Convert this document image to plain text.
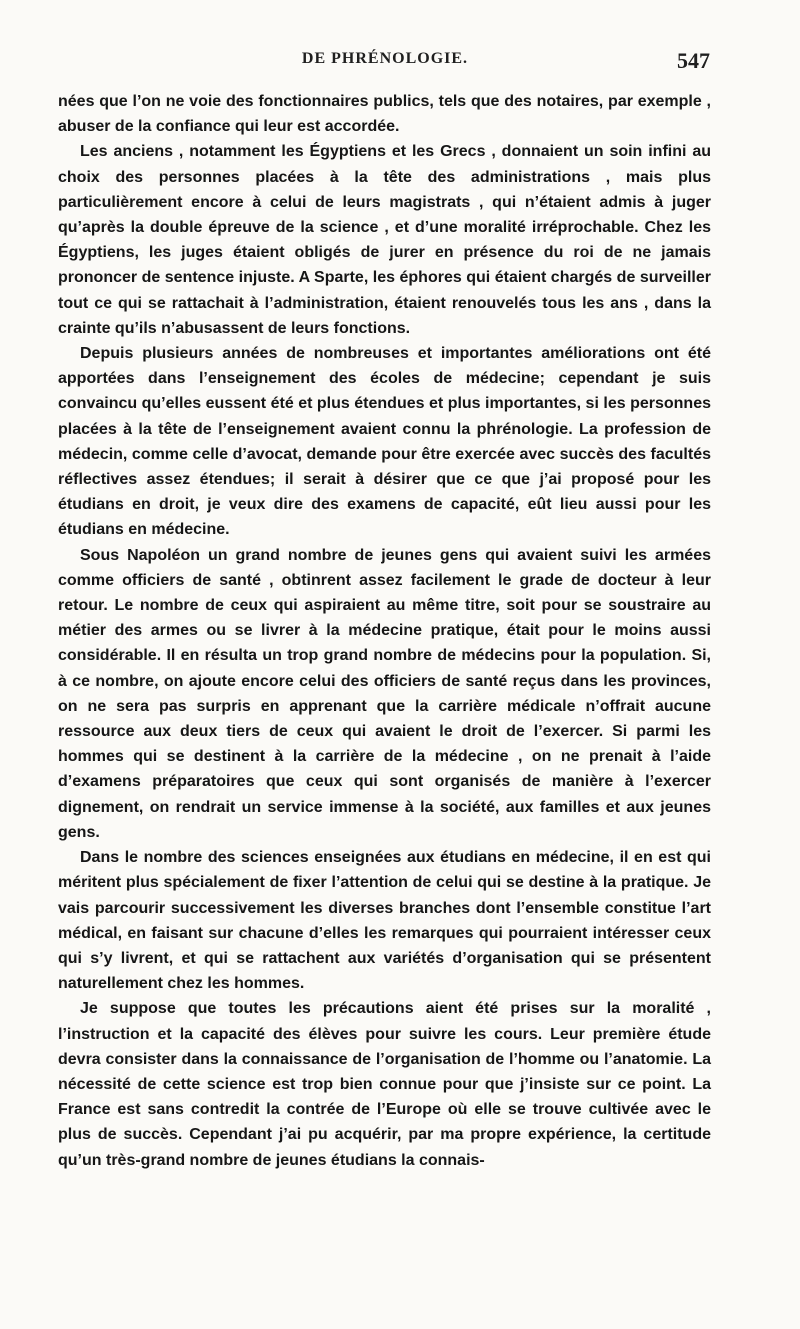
DE PHRÉNOLOGIE.	547

nées que l’on ne voie des fonctionnaires publics, tels que des notaires, par exemple , abuser de la confiance qui leur est accordée.

Les anciens , notamment les Égyptiens et les Grecs , donnaient un soin infini au choix des personnes placées à la tête des administrations , mais plus particulièrement encore à celui de leurs magistrats , qui n’étaient admis à juger qu’après la double épreuve de la science , et d’une moralité irréprochable. Chez les Égyptiens, les juges étaient obligés de jurer en présence du roi de ne jamais prononcer de sentence injuste. A Sparte, les éphores qui étaient chargés de surveiller tout ce qui se rattachait à l’administration, étaient renouvelés tous les ans , dans la crainte qu’ils n’abusassent de leurs fonctions.

Depuis plusieurs années de nombreuses et importantes améliorations ont été apportées dans l’enseignement des écoles de médecine; cependant je suis convaincu qu’elles eussent été et plus étendues et plus importantes, si les personnes placées à la tête de l’enseignement avaient connu la phrénologie. La profession de médecin, comme celle d’avocat, demande pour être exercée avec succès des facultés réflectives assez étendues; il serait à désirer que ce que j’ai proposé pour les étudians en droit, je veux dire des examens de capacité, eût lieu aussi pour les étudians en médecine.

Sous Napoléon un grand nombre de jeunes gens qui avaient suivi les armées comme officiers de santé , obtinrent assez facilement le grade de docteur à leur retour. Le nombre de ceux qui aspiraient au même titre, soit pour se soustraire au métier des armes ou se livrer à la médecine pratique, était pour le moins aussi considérable. Il en résulta un trop grand nombre de médecins pour la population. Si, à ce nombre, on ajoute encore celui des officiers de santé reçus dans les provinces, on ne sera pas surpris en apprenant que la carrière médicale n’offrait aucune ressource aux deux tiers de ceux qui avaient le droit de l’exercer. Si parmi les hommes qui se destinent à la carrière de la médecine , on ne prenait à l’aide d’examens préparatoires que ceux qui sont organisés de manière à l’exercer dignement, on rendrait un service immense à la société, aux familles et aux jeunes gens.

Dans le nombre des sciences enseignées aux étudians en médecine, il en est qui méritent plus spécialement de fixer l’attention de celui qui se destine à la pratique. Je vais parcourir successivement les diverses branches dont l’ensemble constitue l’art médical, en faisant sur chacune d’elles les remarques qui pourraient intéresser ceux qui s’y livrent, et qui se rattachent aux variétés d’organisation qui se présentent naturellement chez les hommes.

Je suppose que toutes les précautions aient été prises sur la moralité , l’instruction et la capacité des élèves pour suivre les cours. Leur première étude devra consister dans la connaissance de l’organisation de l’homme ou l’anatomie. La nécessité de cette science est trop bien connue pour que j’insiste sur ce point. La France est sans contredit la contrée de l’Europe où elle se trouve cultivée avec le plus de succès. Cependant j’ai pu acquérir, par ma propre expérience, la certitude qu’un très-grand nombre de jeunes étudians la connais-
